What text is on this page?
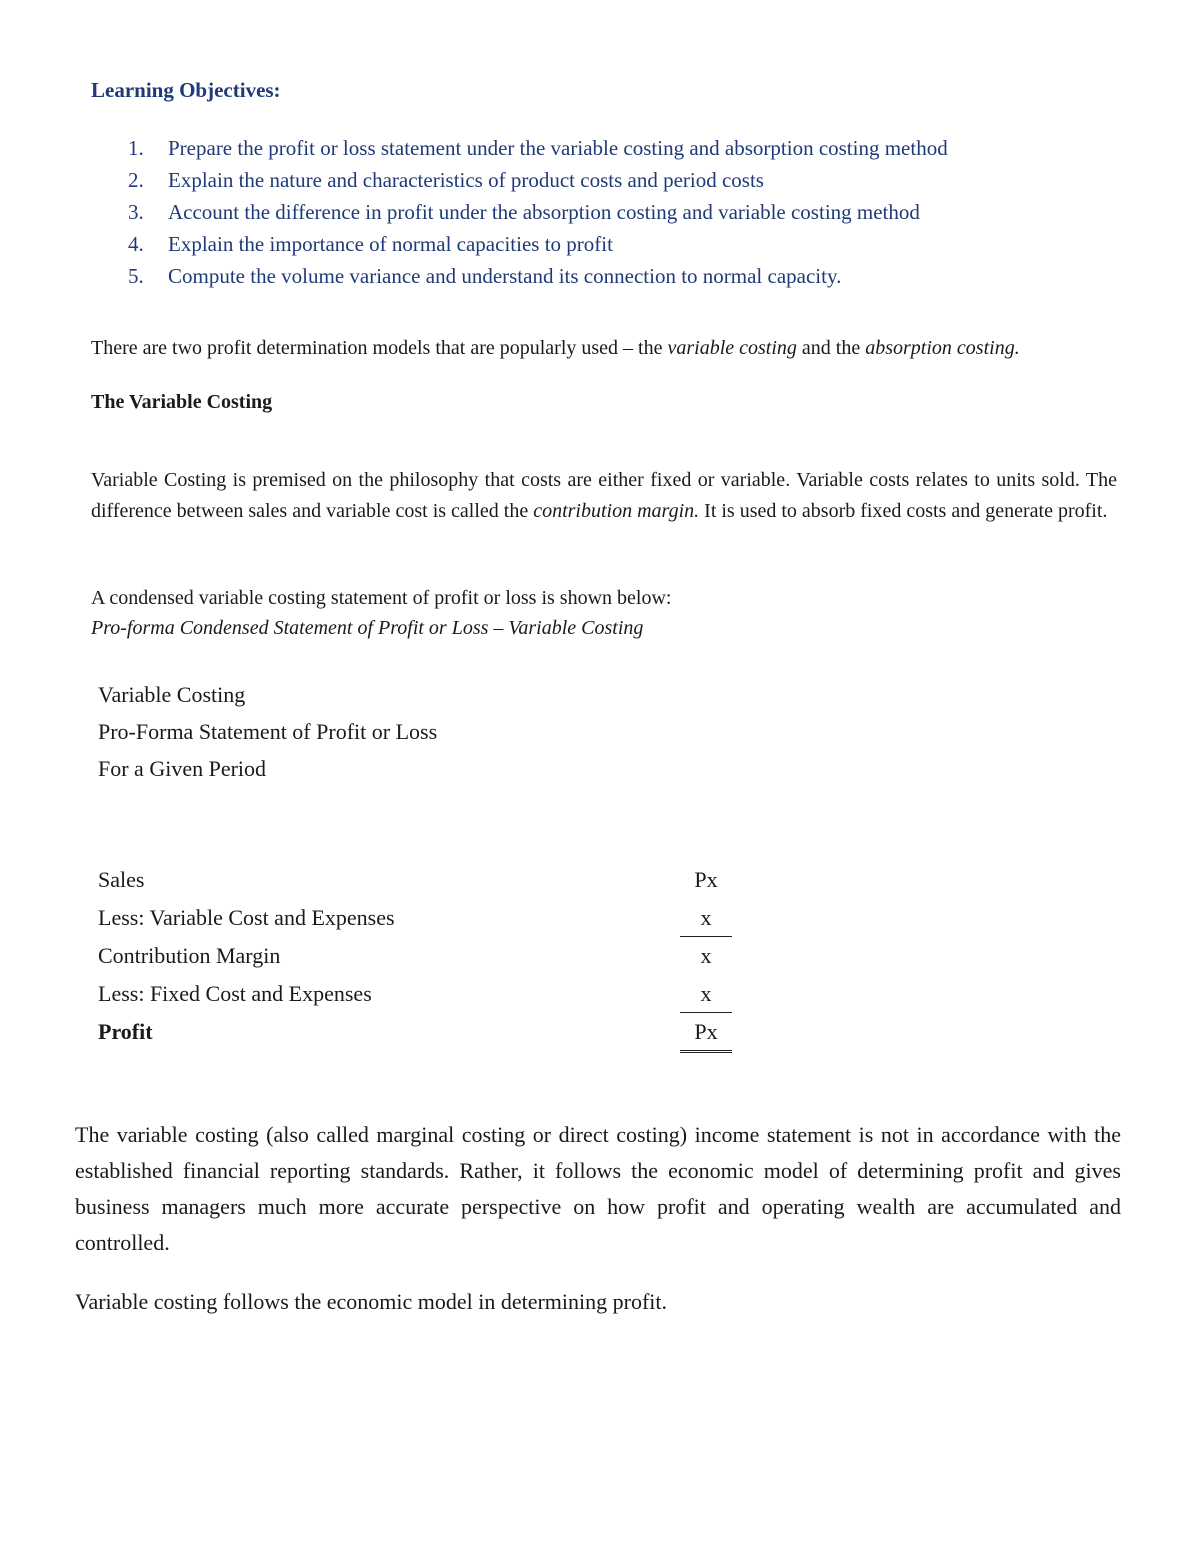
Learning Objectives:
1. Prepare the profit or loss statement under the variable costing and absorption costing method
2. Explain the nature and characteristics of product costs and period costs
3. Account the difference in profit under the absorption costing and variable costing method
4. Explain the importance of normal capacities to profit
5. Compute the volume variance and understand its connection to normal capacity.

There are two profit determination models that are popularly used – the variable costing and the absorption costing.

The Variable Costing

Variable Costing is premised on the philosophy that costs are either fixed or variable. Variable costs relates to units sold. The difference between sales and variable cost is called the contribution margin. It is used to absorb fixed costs and generate profit.

A condensed variable costing statement of profit or loss is shown below:

Pro-forma Condensed Statement of Profit or Loss – Variable Costing
Variable Costing
Pro-Forma Statement of Profit or Loss
For a Given Period
Sales	Px
Less: Variable Cost and Expenses	x
Contribution Margin	x
Less: Fixed Cost and Expenses	x
Profit	Px

The variable costing (also called marginal costing or direct costing) income statement is not in accordance with the established financial reporting standards. Rather, it follows the economic model of determining profit and gives business managers much more accurate perspective on how profit and operating wealth are accumulated and controlled.

Variable costing follows the economic model in determining profit.
